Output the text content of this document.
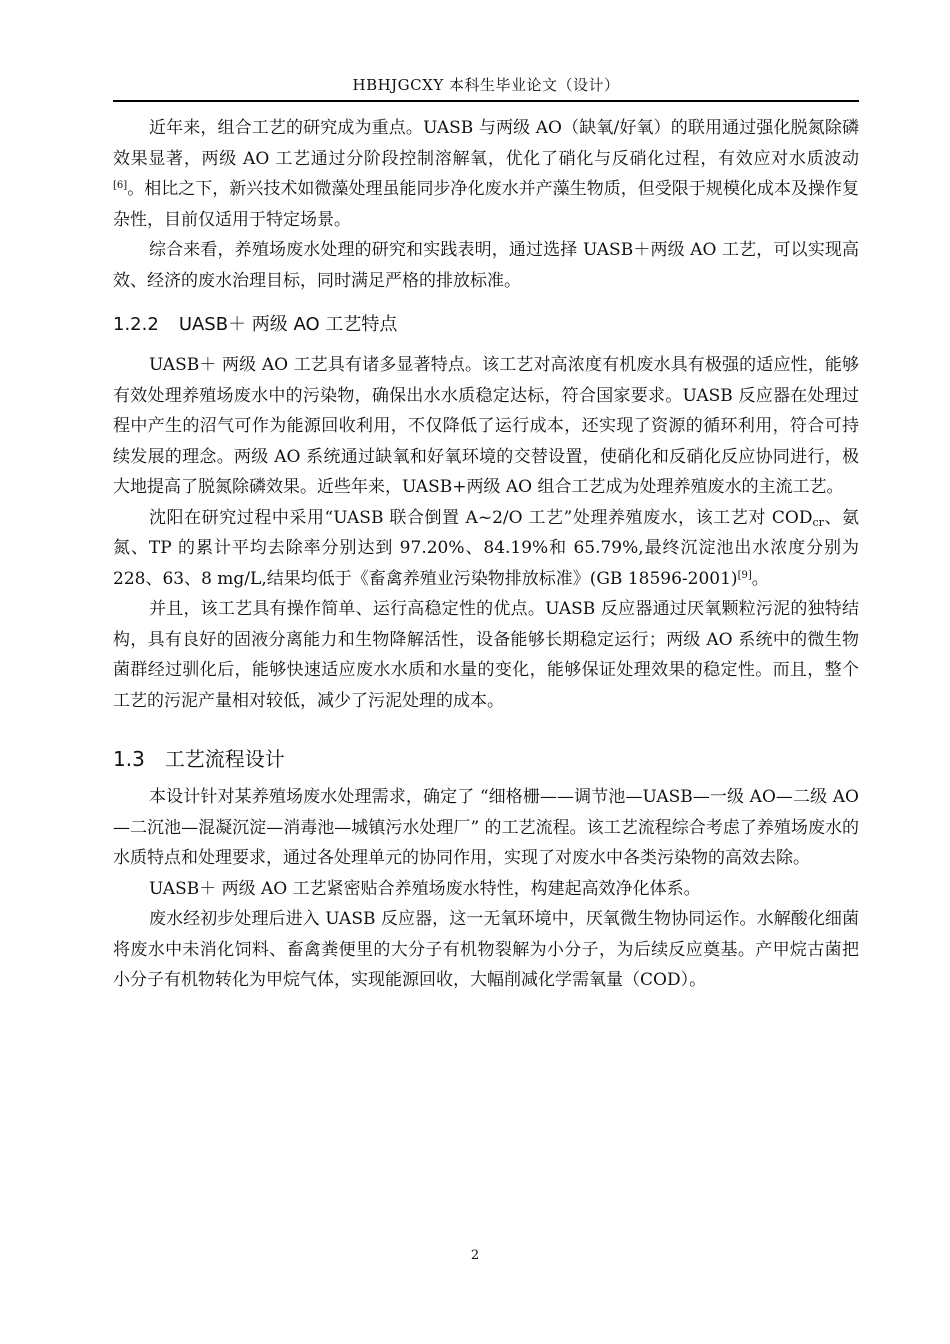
HBHJGCXY 本科生毕业论文（设计）

近年来，组合工艺的研究成为重点。UASB 与两级 AO（缺氧/好氧）的联用通过强化脱氮除磷效果显著，两级 AO 工艺通过分阶段控制溶解氧，优化了硝化与反硝化过程，有效应对水质波动[6]。相比之下，新兴技术如微藻处理虽能同步净化废水并产藻生物质，但受限于规模化成本及操作复杂性，目前仅适用于特定场景。

综合来看，养殖场废水处理的研究和实践表明，通过选择 UASB＋两级 AO 工艺，可以实现高效、经济的废水治理目标，同时满足严格的排放标准。

1.2.2 UASB＋ 两级 AO 工艺特点

UASB＋ 两级 AO 工艺具有诸多显著特点。该工艺对高浓度有机废水具有极强的适应性，能够有效处理养殖场废水中的污染物，确保出水水质稳定达标，符合国家要求。UASB 反应器在处理过程中产生的沼气可作为能源回收利用，不仅降低了运行成本，还实现了资源的循环利用，符合可持续发展的理念。两级 AO 系统通过缺氧和好氧环境的交替设置，使硝化和反硝化反应协同进行，极大地提高了脱氮除磷效果。近些年来，UASB+两级 AO 组合工艺成为处理养殖废水的主流工艺。

沈阳在研究过程中采用“UASB 联合倒置 A~2/O 工艺”处理养殖废水，该工艺对 $COD_{cr}$、氨氮、TP 的累计平均去除率分别达到 97.20%、84.19%和 65.79%,最终沉淀池出水浓度分别为 228、63、8 mg/L,结果均低于《畜禽养殖业污染物排放标准》(GB 18596-2001)[9]。

并且，该工艺具有操作简单、运行高稳定性的优点。UASB 反应器通过厌氧颗粒污泥的独特结构，具有良好的固液分离能力和生物降解活性，设备能够长期稳定运行；两级 AO 系统中的微生物菌群经过驯化后，能够快速适应废水水质和水量的变化，能够保证处理效果的稳定性。而且，整个工艺的污泥产量相对较低，减少了污泥处理的成本。

1.3 工艺流程设计

本设计针对某养殖场废水处理需求，确定了 “细格栅——调节池—UASB—一级 AO—二级 AO—二沉池—混凝沉淀—消毒池—城镇污水处理厂” 的工艺流程。该工艺流程综合考虑了养殖场废水的水质特点和处理要求，通过各处理单元的协同作用，实现了对废水中各类污染物的高效去除。

UASB＋ 两级 AO 工艺紧密贴合养殖场废水特性，构建起高效净化体系。

废水经初步处理后进入 UASB 反应器，这一无氧环境中，厌氧微生物协同运作。水解酸化细菌将废水中未消化饲料、畜禽粪便里的大分子有机物裂解为小分子，为后续反应奠基。产甲烷古菌把小分子有机物转化为甲烷气体，实现能源回收，大幅削减化学需氧量（COD）。

2
